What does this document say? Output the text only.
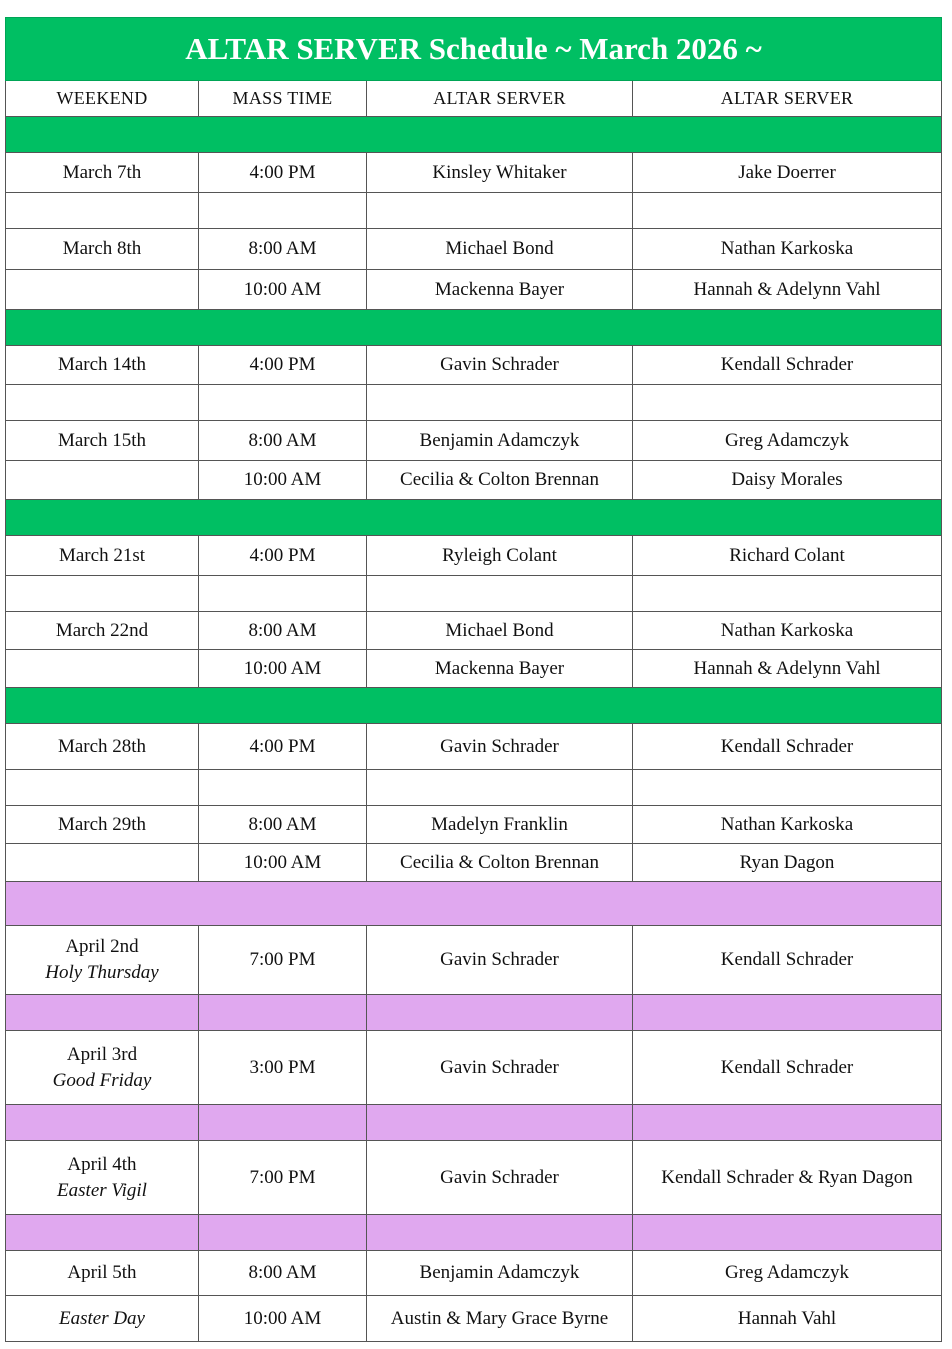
ALTAR SERVER Schedule ~ March 2026 ~			
WEEKEND	MASS TIME	ALTAR SERVER	ALTAR SERVER

March 7th	4:00 PM	Kinsley Whitaker	Jake Doerrer

March 8th	8:00 AM	Michael Bond	Nathan Karkoska
	10:00 AM	Mackenna Bayer	Hannah & Adelynn Vahl

March 14th	4:00 PM	Gavin Schrader	Kendall Schrader

March 15th	8:00 AM	Benjamin Adamczyk	Greg Adamczyk
	10:00 AM	Cecilia & Colton Brennan	Daisy Morales

March 21st	4:00 PM	Ryleigh Colant	Richard Colant

March 22nd	8:00 AM	Michael Bond	Nathan Karkoska
	10:00 AM	Mackenna Bayer	Hannah & Adelynn Vahl

March 28th	4:00 PM	Gavin Schrader	Kendall Schrader

March 29th	8:00 AM	Madelyn Franklin	Nathan Karkoska
	10:00 AM	Cecilia & Colton Brennan	Ryan Dagon

April 2nd
Holy Thursday	7:00 PM	Gavin Schrader	Kendall Schrader

April 3rd
Good Friday	3:00 PM	Gavin Schrader	Kendall Schrader

April 4th
Easter Vigil	7:00 PM	Gavin Schrader	Kendall Schrader & Ryan Dagon

April 5th	8:00 AM	Benjamin Adamczyk	Greg Adamczyk
Easter Day	10:00 AM	Austin & Mary Grace Byrne	Hannah Vahl
